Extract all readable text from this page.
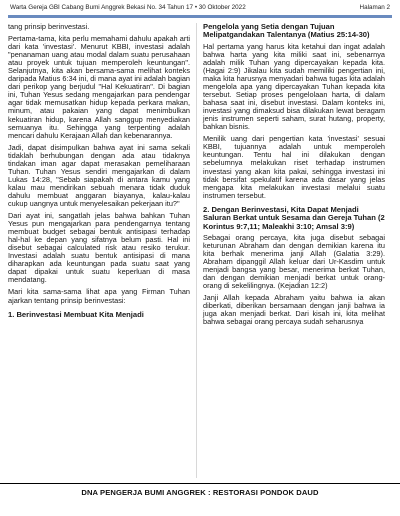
Warta Gereja GBI Cabang Bumi Anggrek Bekasi No. 34 Tahun 17 • 30 Oktober 2022	Halaman 2

tang prinsip berinvestasi.

Pertama-tama, kita perlu memahami dahulu apakah arti dari kata 'investasi'. Menurut KBBI, investasi adalah "penanaman uang atau modal dalam suatu perusahaan atau proyek untuk tujuan memperoleh keuntungan". Selanjutnya, kita akan bersama-sama melihat konteks daripada Matius 6:34 ini, di mana ayat ini adalah bagian dari perikop yang berjudul "Hal Kekuatiran". Di bagian ini, Tuhan Yesus sedang mengajarkan para pendengar agar tidak memusatkan hidup kepada perkara makan, minum, atau pakaian yang dapat menimbulkan kekuatiran hidup, karena Allah sanggup menyediakan semuanya itu. Sehingga yang terpenting adalah mencari dahulu Kerajaan Allah dan kebenarannya.

Jadi, dapat disimpulkan bahwa ayat ini sama sekali tidaklah berhubungan dengan ada atau tidaknya tindakan iman agar dapat merasakan pemeliharaan Tuhan. Tuhan Yesus sendiri mengajarkan di dalam Lukas 14:28, "Sebab siapakah di antara kamu yang kalau mau mendirikan sebuah menara tidak duduk dahulu membuat anggaran biayanya, kalau-kalau cukup uangnya untuk menyelesaikan pekerjaan itu?"

Dari ayat ini, sangatlah jelas bahwa bahkan Tuhan Yesus pun mengajarkan para pendengarnya tentang membuat budget sebagai bentuk antisipasi terhadap hal-hal ke depan yang sifatnya belum pasti. Hal ini disebut sebagai calculated risk atau resiko terukur. Investasi adalah suatu bentuk antisipasi di mana diharapkan ada keuntungan pada suatu saat yang dapat dipakai untuk suatu keperluan di masa mendatang.

Mari kita sama-sama lihat apa yang Firman Tuhan ajarkan tentang prinsip berinvestasi:

1. Berinvestasi Membuat Kita Menjadi
Pengelola yang Setia dengan Tujuan Melipatgandakan Talentanya (Matius 25:14-30)

Hal pertama yang harus kita ketahui dan ingat adalah bahwa harta yang kita miliki saat ini, sebenarnya adalah milik Tuhan yang dipercayakan kepada kita. (Hagai 2:9) Jikalau kita sudah memiliki pengertian ini, maka kita harusnya menyadari bahwa tugas kita adalah mengelola apa yang dipercayakan Tuhan kepada kita tersebut. Setiap proses pengelolaan harta, di dalam bahasa saat ini, disebut investasi. Dalam konteks ini, investasi yang dimaksud bisa dilakukan lewat beragam jenis instrumen seperti saham, surat hutang, property, bahkan bisnis.

Menilik uang dari pengertian kata 'investasi' sesuai KBBI, tujuannya adalah untuk memperoleh keuntungan. Tentu hal ini dilakukan dengan sebelumnya melakukan riset terhadap instrumen investasi yang akan kita pakai, sehingga investasi ini tidak bersifat spekulatif karena ada dasar yang jelas mengapa kita melakukan investasi melalui suatu instrumen tersebut.

2. Dengan Berinvestasi, Kita Dapat Menjadi Saluran Berkat untuk Sesama dan Gereja Tuhan (2 Korintus 9:7,11; Maleakhi 3:10; Amsal 3:9)

Sebagai orang percaya, kita juga disebut sebagai keturunan Abraham dan dengan demikian karena itu kita berhak menerima janji Allah (Galatia 3:29). Abraham dipanggil Allah keluar dari Ur-Kasdim untuk menjadi bangsa yang besar, menerima berkat Tuhan, dan dengan demikian menjadi berkat untuk orang-orang di sekelilingnya. (Kejadian 12:2)

Janji Allah kepada Abraham yaitu bahwa ia akan diberkati, diberikan bersamaan dengan janji bahwa ia juga akan menjadi berkat. Dari kisah ini, kita melihat bahwa sebagai orang percaya sudah seharusnya

DNA PENGERJA BUMI ANGGREK : RESTORASI PONDOK DAUD
